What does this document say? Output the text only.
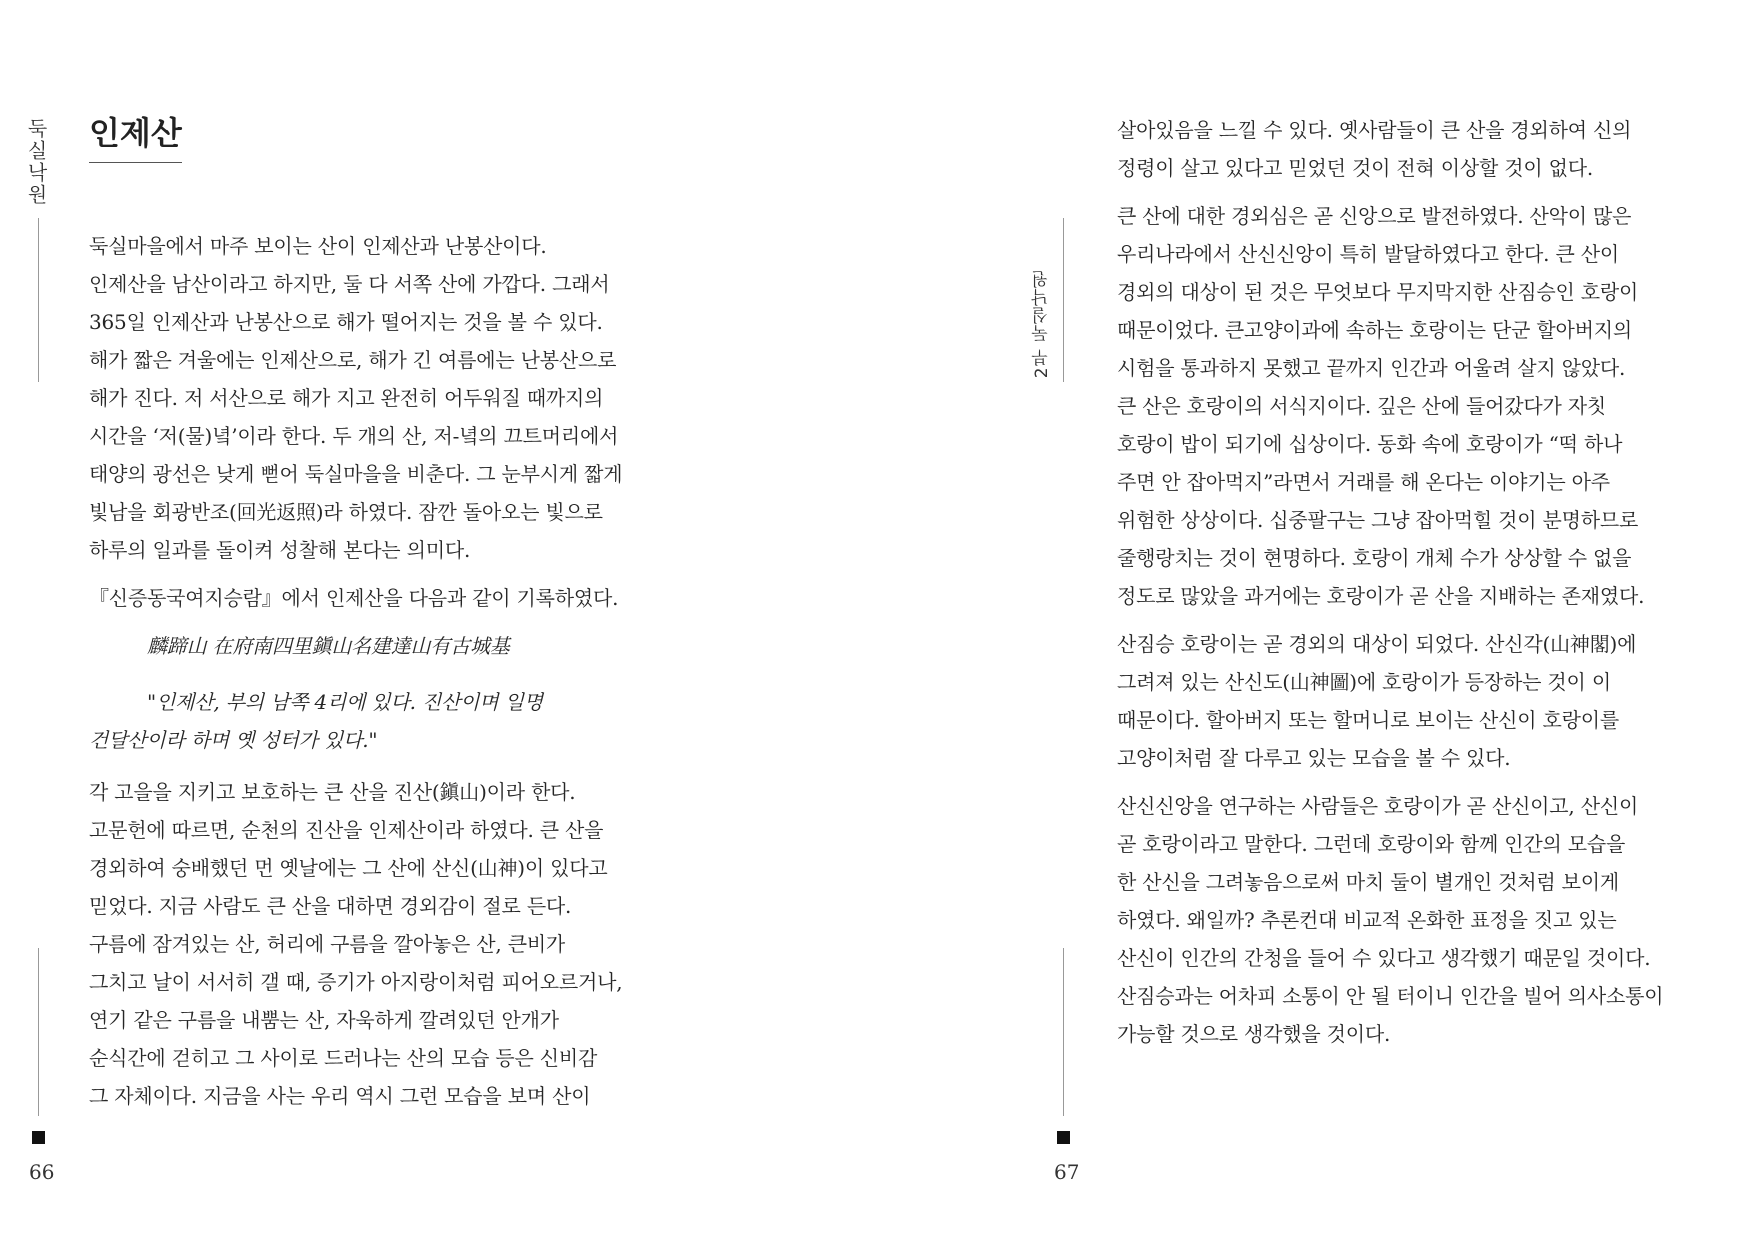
둑실낙원
66
인제산
둑실마을에서 마주 보이는 산이 인제산과 난봉산이다.
인제산을 남산이라고 하지만, 둘 다 서쪽 산에 가깝다. 그래서
365일 인제산과 난봉산으로 해가 떨어지는 것을 볼 수 있다.
해가 짧은 겨울에는 인제산으로, 해가 긴 여름에는 난봉산으로
해가 진다. 저 서산으로 해가 지고 완전히 어두워질 때까지의
시간을 ‘저(물)녘’이라 한다. 두 개의 산, 저-녘의 끄트머리에서
태양의 광선은 낮게 뻗어 둑실마을을 비춘다. 그 눈부시게 짧게
빛남을 회광반조(回光返照)라 하였다. 잠깐 돌아오는 빛으로
하루의 일과를 돌이켜 성찰해 본다는 의미다.
『신증동국여지승람』에서 인제산을 다음과 같이 기록하였다.
麟蹄山 在府南四里鎭山名建達山有古城基
"인제산, 부의 남쪽 4리에 있다. 진산이며 일명
건달산이라 하며 옛 성터가 있다."
각 고을을 지키고 보호하는 큰 산을 진산(鎭山)이라 한다.
고문헌에 따르면, 순천의 진산을 인제산이라 하였다. 큰 산을
경외하여 숭배했던 먼 옛날에는 그 산에 산신(山神)이 있다고
믿었다. 지금 사람도 큰 산을 대하면 경외감이 절로 든다.
구름에 잠겨있는 산, 허리에 구름을 깔아놓은 산, 큰비가
그치고 날이 서서히 갤 때, 증기가 아지랑이처럼 피어오르거나,
연기 같은 구름을 내뿜는 산, 자욱하게 깔려있던 안개가
순식간에 걷히고 그 사이로 드러나는 산의 모습 등은 신비감
그 자체이다. 지금을 사는 우리 역시 그런 모습을 보며 산이
2부 둑실낙원
67
살아있음을 느낄 수 있다. 옛사람들이 큰 산을 경외하여 신의
정령이 살고 있다고 믿었던 것이 전혀 이상할 것이 없다.
큰 산에 대한 경외심은 곧 신앙으로 발전하였다. 산악이 많은
우리나라에서 산신신앙이 특히 발달하였다고 한다. 큰 산이
경외의 대상이 된 것은 무엇보다 무지막지한 산짐승인 호랑이
때문이었다. 큰고양이과에 속하는 호랑이는 단군 할아버지의
시험을 통과하지 못했고 끝까지 인간과 어울려 살지 않았다.
큰 산은 호랑이의 서식지이다. 깊은 산에 들어갔다가 자칫
호랑이 밥이 되기에 십상이다. 동화 속에 호랑이가 “떡 하나
주면 안 잡아먹지”라면서 거래를 해 온다는 이야기는 아주
위험한 상상이다. 십중팔구는 그냥 잡아먹힐 것이 분명하므로
줄행랑치는 것이 현명하다. 호랑이 개체 수가 상상할 수 없을
정도로 많았을 과거에는 호랑이가 곧 산을 지배하는 존재였다.
산짐승 호랑이는 곧 경외의 대상이 되었다. 산신각(山神閣)에
그려져 있는 산신도(山神圖)에 호랑이가 등장하는 것이 이
때문이다. 할아버지 또는 할머니로 보이는 산신이 호랑이를
고양이처럼 잘 다루고 있는 모습을 볼 수 있다.
산신신앙을 연구하는 사람들은 호랑이가 곧 산신이고, 산신이
곧 호랑이라고 말한다. 그런데 호랑이와 함께 인간의 모습을
한 산신을 그려놓음으로써 마치 둘이 별개인 것처럼 보이게
하였다. 왜일까? 추론컨대 비교적 온화한 표정을 짓고 있는
산신이 인간의 간청을 들어 수 있다고 생각했기 때문일 것이다.
산짐승과는 어차피 소통이 안 될 터이니 인간을 빌어 의사소통이
가능할 것으로 생각했을 것이다.
